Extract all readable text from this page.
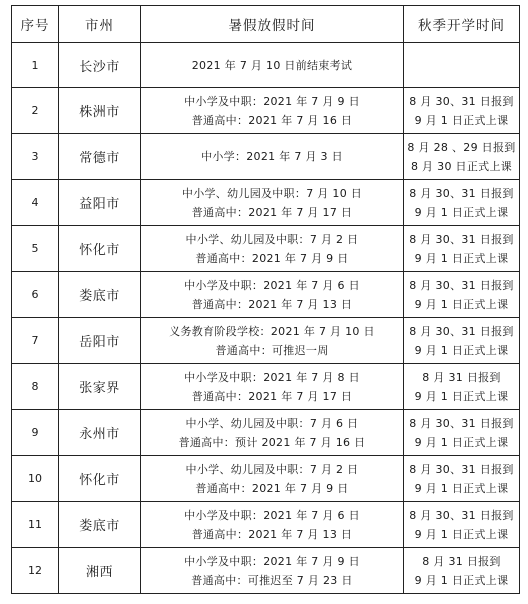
序号	市州	暑假放假时间	秋季开学时间
1	长沙市	2021 年 7 月 10 日前结束考试	

2	株洲市	中小学及中职：2021 年 7 月 9 日
普通高中：2021 年 7 月 16 日	8 月 30、31 日报到
9 月 1 日正式上课

3	常德市	中小学：2021 年 7 月 3 日	8 月 28 、29 日报到
8 月 30 日正式上课

4	益阳市	中小学、幼儿园及中职：7 月 10 日
普通高中：2021 年 7 月 17 日	8 月 30、31 日报到
9 月 1 日正式上课

5	怀化市	中小学、幼儿园及中职：7 月 2 日
普通高中：2021 年 7 月 9 日	8 月 30、31 日报到
9 月 1 日正式上课

6	娄底市	中小学及中职：2021 年 7 月 6 日
普通高中：2021 年 7 月 13 日	8 月 30、31 日报到
9 月 1 日正式上课

7	岳阳市	义务教育阶段学校：2021 年 7 月 10 日
普通高中：可推迟一周	8 月 30、31 日报到
9 月 1 日正式上课

8	张家界	中小学及中职：2021 年 7 月 8 日
普通高中：2021 年 7 月 17 日	8 月 31 日报到
9 月 1 日正式上课

9	永州市	中小学、幼儿园及中职：7 月 6 日
普通高中：预计 2021 年 7 月 16 日	8 月 30、31 日报到
9 月 1 日正式上课

10	怀化市	中小学、幼儿园及中职：7 月 2 日
普通高中：2021 年 7 月 9 日	8 月 30、31 日报到
9 月 1 日正式上课

11	娄底市	中小学及中职：2021 年 7 月 6 日
普通高中：2021 年 7 月 13 日	8 月 30、31 日报到
9 月 1 日正式上课

12	湘西	中小学及中职：2021 年 7 月 9 日
普通高中：可推迟至 7 月 23 日	8 月 31 日报到
9 月 1 日正式上课
